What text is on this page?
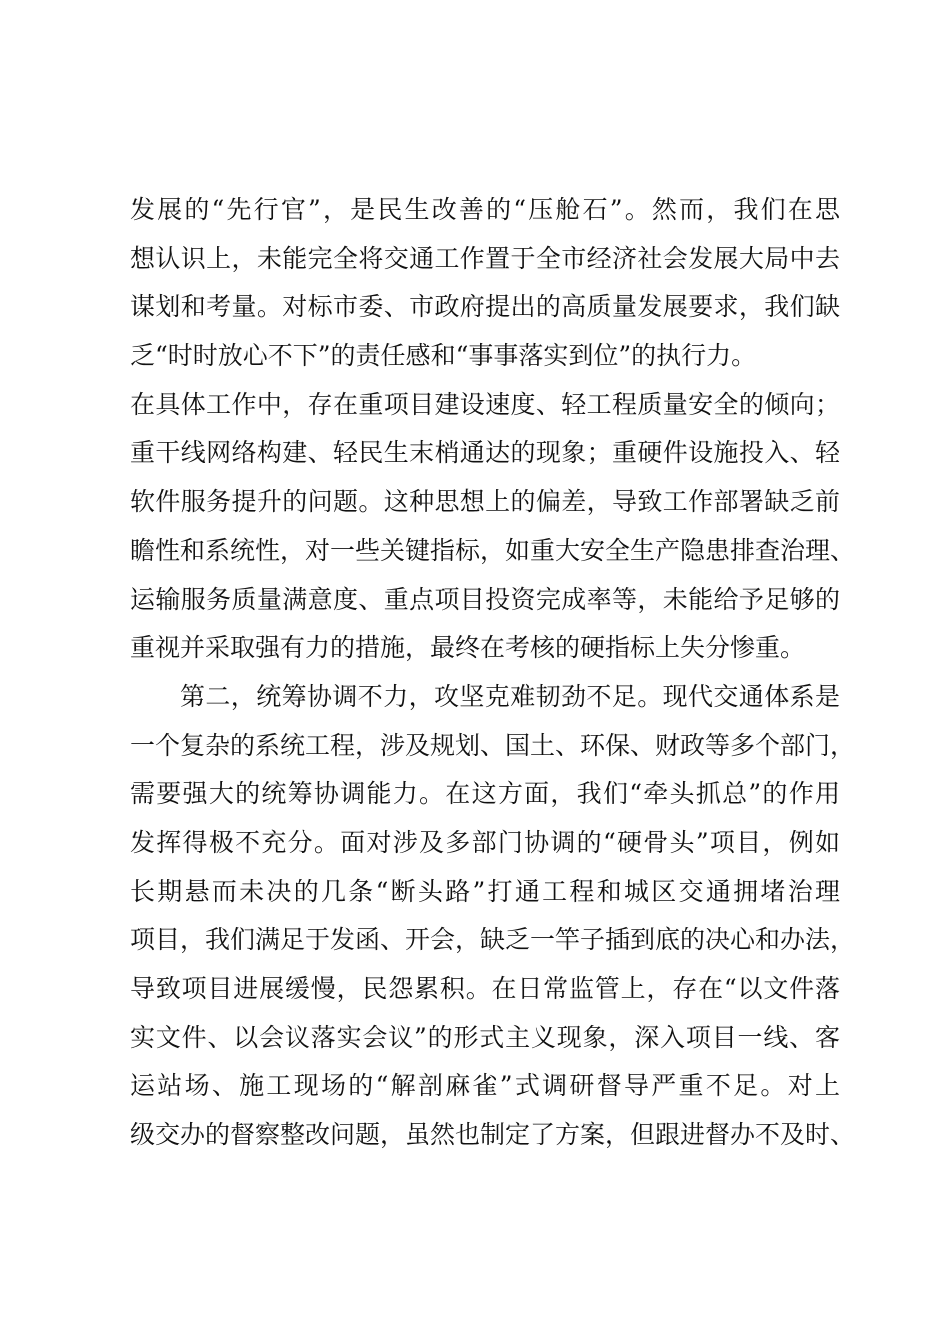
发展的“先行官”，是民生改善的“压舱石”。然而，我们在思
想认识上，未能完全将交通工作置于全市经济社会发展大局中去
谋划和考量。对标市委、市政府提出的高质量发展要求，我们缺
乏“时时放心不下”的责任感和“事事落实到位”的执行力。
在具体工作中，存在重项目建设速度、轻工程质量安全的倾向；
重干线网络构建、轻民生末梢通达的现象；重硬件设施投入、轻
软件服务提升的问题。这种思想上的偏差，导致工作部署缺乏前
瞻性和系统性，对一些关键指标，如重大安全生产隐患排查治理、
运输服务质量满意度、重点项目投资完成率等，未能给予足够的
重视并采取强有力的措施，最终在考核的硬指标上失分惨重。
第二，统筹协调不力，攻坚克难韧劲不足。现代交通体系是
一个复杂的系统工程，涉及规划、国土、环保、财政等多个部门，
需要强大的统筹协调能力。在这方面，我们“牵头抓总”的作用
发挥得极不充分。面对涉及多部门协调的“硬骨头”项目，例如
长期悬而未决的几条“断头路”打通工程和城区交通拥堵治理
项目，我们满足于发函、开会，缺乏一竿子插到底的决心和办法，
导致项目进展缓慢，民怨累积。在日常监管上，存在“以文件落
实文件、以会议落实会议”的形式主义现象，深入项目一线、客
运站场、施工现场的“解剖麻雀”式调研督导严重不足。对上
级交办的督察整改问题，虽然也制定了方案，但跟进督办不及时、
